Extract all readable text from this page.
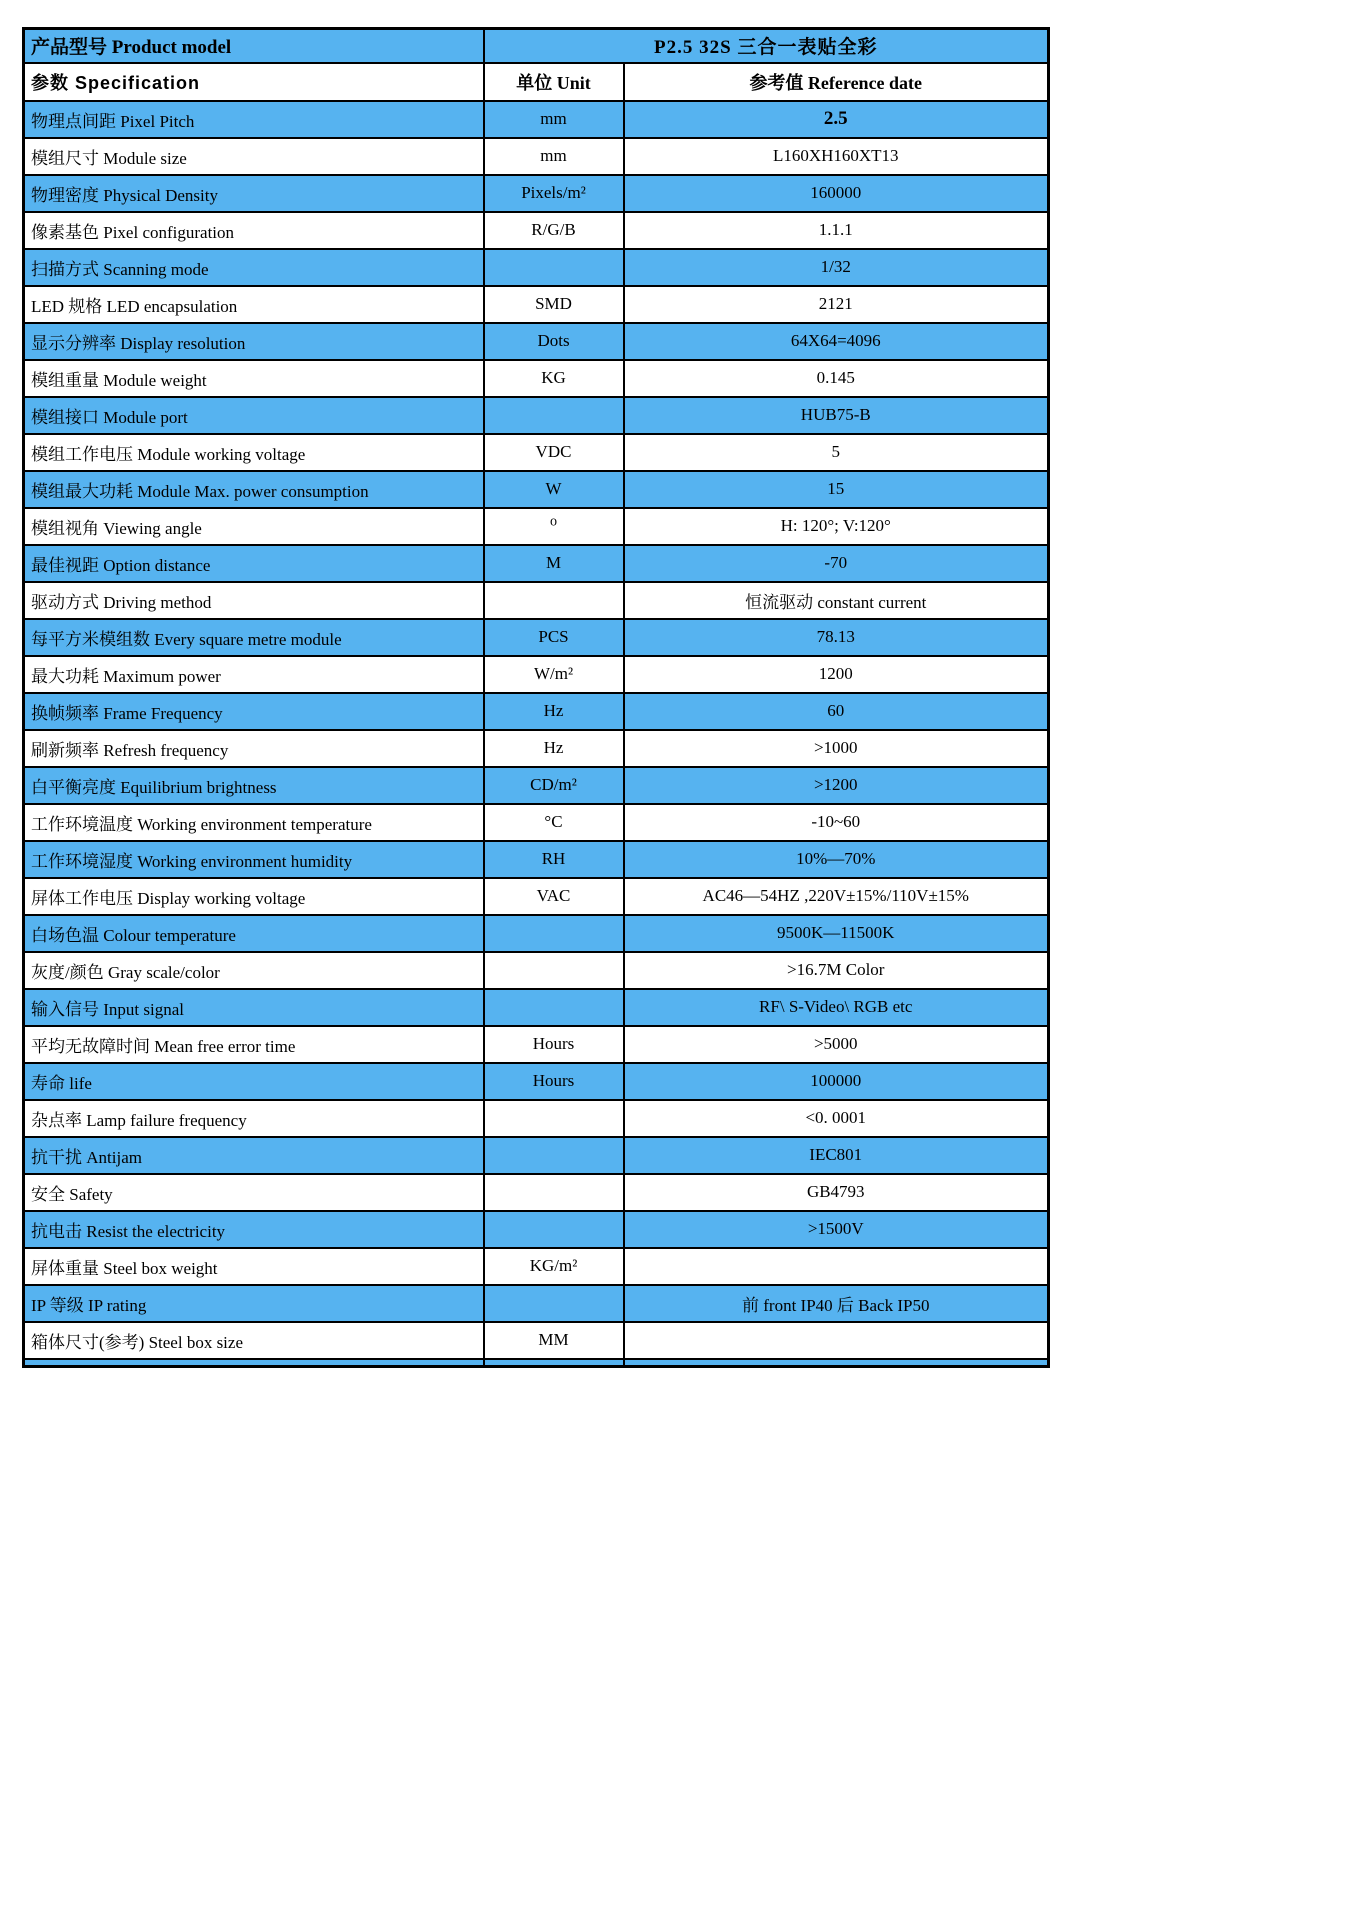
产品型号 Product model	P2.5 32S 三合一表贴全彩	
参数 Specification	单位 Unit	参考值 Reference date
物理点间距 Pixel Pitch	mm	2.5
模组尺寸 Module size	mm	L160XH160XT13
物理密度 Physical Density	Pixels/m²	160000
像素基色 Pixel configuration	R/G/B	1.1.1
扫描方式 Scanning mode		1/32
LED 规格 LED encapsulation	SMD	2121
显示分辨率 Display resolution	Dots	64X64=4096
模组重量 Module weight	KG	0.145
模组接口 Module port		HUB75-B
模组工作电压 Module working voltage	VDC	5
模组最大功耗 Module Max. power consumption	W	15
模组视角 Viewing angle	⁰	H: 120°; V:120°
最佳视距 Option distance	M	-70
驱动方式 Driving method		恒流驱动 constant current
每平方米模组数 Every square metre module	PCS	78.13
最大功耗 Maximum power	W/m²	1200
换帧频率 Frame Frequency	Hz	60
刷新频率 Refresh frequency	Hz	>1000
白平衡亮度 Equilibrium brightness	CD/m²	>1200
工作环境温度 Working environment temperature	°C	-10~60
工作环境湿度 Working environment humidity	RH	10%—70%
屏体工作电压 Display working voltage	VAC	AC46—54HZ ,220V±15%/110V±15%
白场色温 Colour temperature		9500K—11500K
灰度/颜色 Gray scale/color		>16.7M Color
输入信号 Input signal		RF\ S-Video\ RGB etc
平均无故障时间 Mean free error time	Hours	>5000
寿命 life	Hours	100000
杂点率 Lamp failure frequency		<0. 0001
抗干扰 Antijam		IEC801
安全 Safety		GB4793
抗电击 Resist the electricity		>1500V
屏体重量 Steel box weight	KG/m²	
IP 等级 IP rating		前 front IP40 后 Back IP50
箱体尺寸(参考) Steel box size	MM	
